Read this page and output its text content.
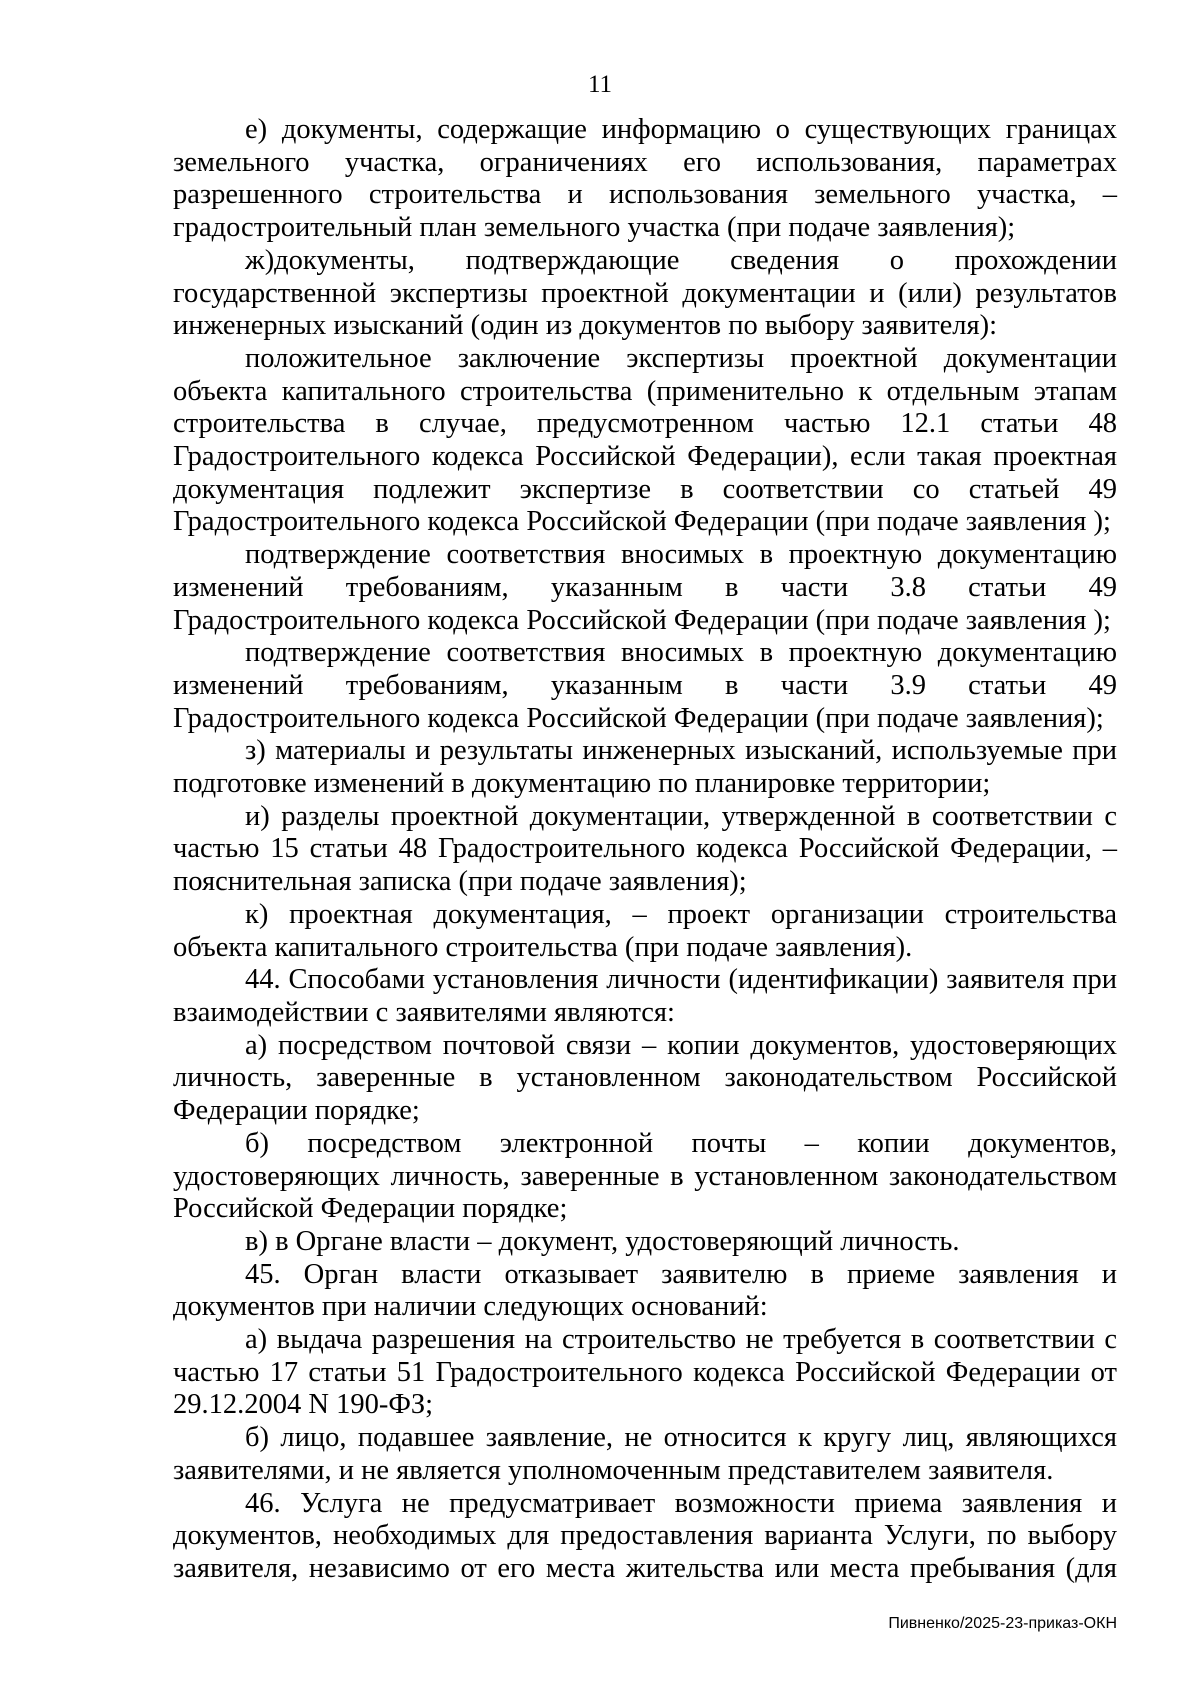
11

е) документы, содержащие информацию о существующих границах земельного участка, ограничениях его использования, параметрах разрешенного строительства и использования земельного участка, – градостроительный план земельного участка (при подаче заявления);

ж)документы, подтверждающие сведения о прохождении государственной экспертизы проектной документации и (или) результатов инженерных изысканий (один из документов по выбору заявителя):

положительное заключение экспертизы проектной документации объекта капитального строительства (применительно к отдельным этапам строительства в случае, предусмотренном частью 12.1 статьи 48 Градостроительного кодекса Российской Федерации), если такая проектная документация подлежит экспертизе в соответствии со статьей 49 Градостроительного кодекса Российской Федерации (при подаче заявления );

подтверждение соответствия вносимых в проектную документацию изменений требованиям, указанным в части 3.8 статьи 49 Градостроительного кодекса Российской Федерации (при подаче заявления );

подтверждение соответствия вносимых в проектную документацию изменений требованиям, указанным в части 3.9 статьи 49 Градостроительного кодекса Российской Федерации (при подаче заявления);

з) материалы и результаты инженерных изысканий, используемые при подготовке изменений в документацию по планировке территории;

и) разделы проектной документации, утвержденной в соответствии с частью 15 статьи 48 Градостроительного кодекса Российской Федерации, – пояснительная записка (при подаче заявления);

к) проектная документация, – проект организации строительства объекта капитального строительства (при подаче заявления).

44. Способами установления личности (идентификации) заявителя при взаимодействии с заявителями являются:

а) посредством почтовой связи – копии документов, удостоверяющих личность, заверенные в установленном законодательством Российской Федерации порядке;

б) посредством электронной почты – копии документов, удостоверяющих личность, заверенные в установленном законодательством Российской Федерации порядке;

в) в Органе власти – документ, удостоверяющий личность.

45. Орган власти отказывает заявителю в приеме заявления и документов при наличии следующих оснований:

а) выдача разрешения на строительство не требуется в соответствии с частью 17 статьи 51 Градостроительного кодекса Российской Федерации от 29.12.2004 N 190-ФЗ;

б) лицо, подавшее заявление, не относится к кругу лиц, являющихся заявителями, и не является уполномоченным представителем заявителя.

46. Услуга не предусматривает возможности приема заявления и документов, необходимых для предоставления варианта Услуги, по выбору заявителя, независимо от его места жительства или места пребывания (для

Пивненко/2025-23-приказ-ОКН
